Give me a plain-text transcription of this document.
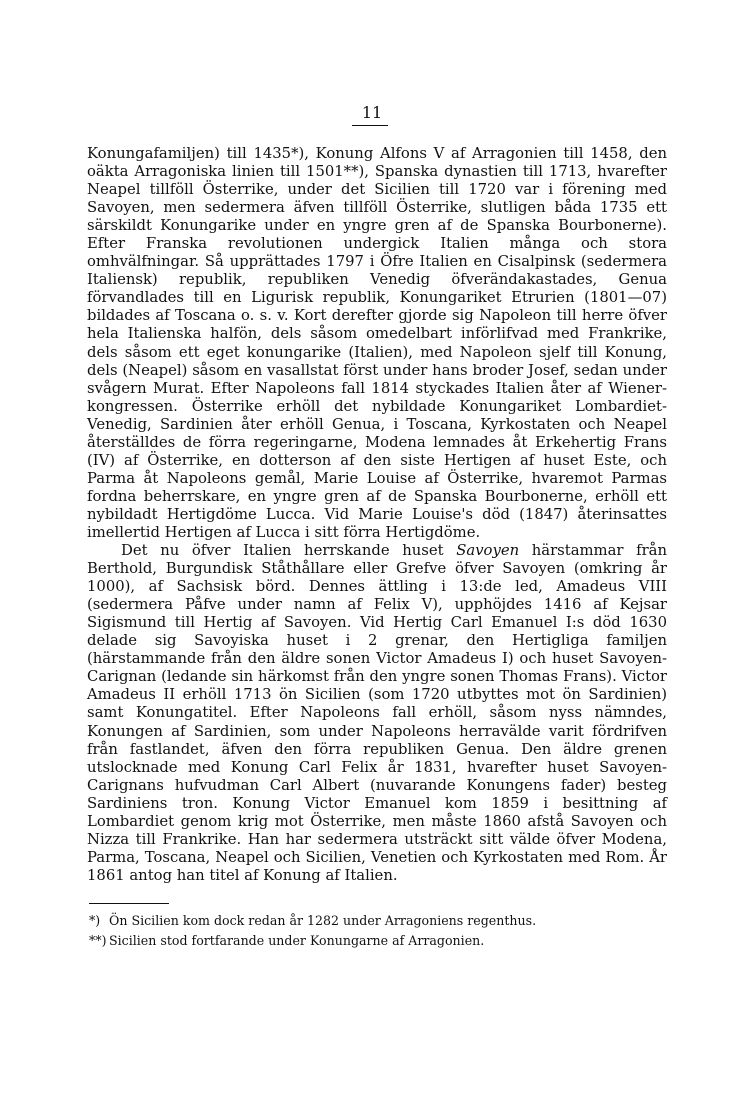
11

Konungafamiljen) till 1435*), Konung Alfons V af Arragonien till 1458, den oäkta Arragoniska linien till 1501**), Spanska dynastien till 1713, hvarefter Neapel tillföll Österrike, under det Sicilien till 1720 var i förening med Savoyen, men sedermera äfven tillföll Österrike, slutligen båda 1735 ett särskildt Konungarike under en yngre gren af de Spanska Bourbonerne). Efter Franska revolutionen undergick Italien många och stora omhvälfningar. Så upprättades 1797 i Öfre Italien en Cisalpinsk (sedermera Italiensk) republik, republiken Venedig öfverändakastades, Genua förvandlades till en Ligurisk republik, Konungariket Etrurien (1801—07) bildades af Toscana o. s. v. Kort derefter gjorde sig Napoleon till herre öfver hela Italienska halfön, dels såsom omedelbart införlifvad med Frankrike, dels såsom ett eget konungarike (Italien), med Napoleon sjelf till Konung, dels (Neapel) såsom en vasallstat först under hans broder Josef, sedan under svågern Murat. Efter Napoleons fall 1814 styckades Italien åter af Wiener-kongressen. Österrike erhöll det nybildade Konungariket Lombardiet-Venedig, Sardinien åter erhöll Genua, i Toscana, Kyrkostaten och Neapel återställdes de förra regeringarne, Modena lemnades åt Erkehertig Frans (IV) af Österrike, en dotterson af den siste Hertigen af huset Este, och Parma åt Napoleons gemål, Marie Louise af Österrike, hvaremot Parmas fordna beherrskare, en yngre gren af de Spanska Bourbonerne, erhöll ett nybildadt Hertigdöme Lucca. Vid Marie Louise's död (1847) återinsattes imellertid Hertigen af Lucca i sitt förra Hertigdöme.

Det nu öfver Italien herrskande huset Savoyen härstammar från Berthold, Burgundisk Ståthållare eller Grefve öfver Savoyen (omkring år 1000), af Sachsisk börd. Dennes ättling i 13:de led, Amadeus VIII (sedermera Påfve under namn af Felix V), upphöjdes 1416 af Kejsar Sigismund till Hertig af Savoyen. Vid Hertig Carl Emanuel I:s död 1630 delade sig Savoyiska huset i 2 grenar, den Hertigliga familjen (härstammande från den äldre sonen Victor Amadeus I) och huset Savoyen-Carignan (ledande sin härkomst från den yngre sonen Thomas Frans). Victor Amadeus II erhöll 1713 ön Sicilien (som 1720 utbyttes mot ön Sardinien) samt Konungatitel. Efter Napoleons fall erhöll, såsom nyss nämndes, Konungen af Sardinien, som under Napoleons herravälde varit fördrifven från fastlandet, äfven den förra republiken Genua. Den äldre grenen utslocknade med Konung Carl Felix år 1831, hvarefter huset Savoyen-Carignans hufvudman Carl Albert (nuvarande Konungens fader) besteg Sardiniens tron. Konung Victor Emanuel kom 1859 i besittning af Lombardiet genom krig mot Österrike, men måste 1860 afstå Savoyen och Nizza till Frankrike. Han har sedermera utsträckt sitt välde öfver Modena, Parma, Toscana, Neapel och Sicilien, Venetien och Kyrkostaten med Rom. År 1861 antog han titel af Konung af Italien.

*) Ön Sicilien kom dock redan år 1282 under Arragoniens regenthus.

**) Sicilien stod fortfarande under Konungarne af Arragonien.
